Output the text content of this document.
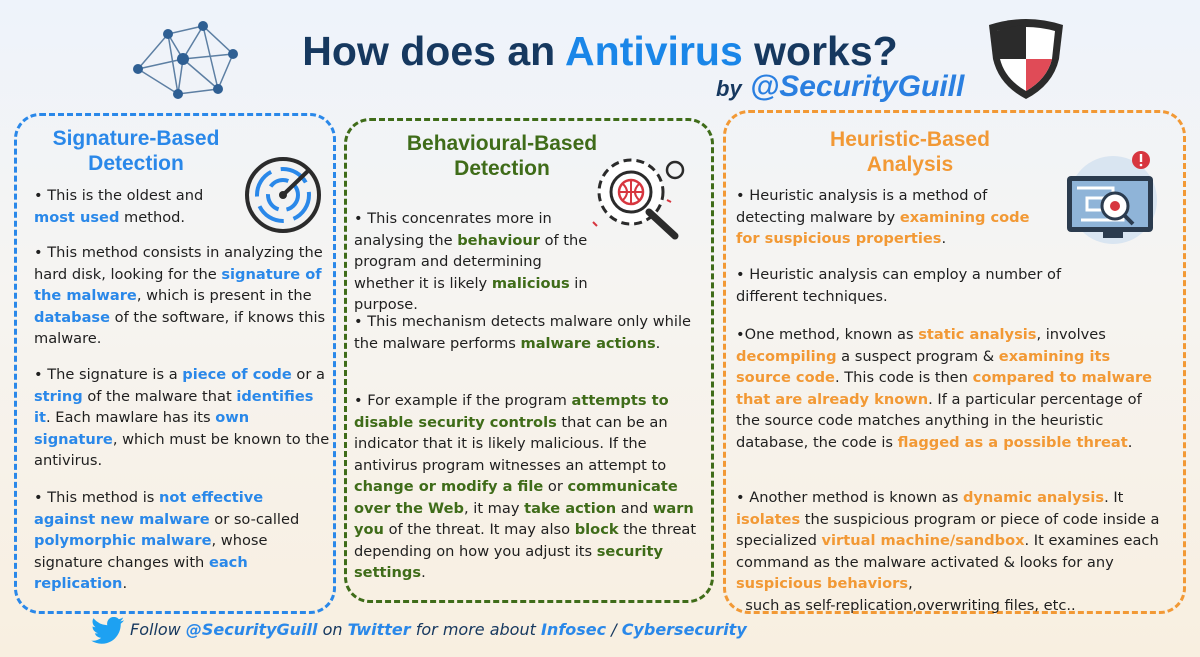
How does an Antivirus works?
by @SecurityGuill
Signature-Based
Detection

• This is the oldest and
most used method.

• This method consists in analyzing the hard disk, looking for the signature of the malware, which is present in the database of the software, if knows this malware.

• The signature is a piece of code or a string of the malware that identifies it. Each mawlare has its own signature, which must be known to the antivirus.

• This method is not effective against new malware or so-called polymorphic malware, whose signature changes with each replication.

Behavioural-Based
Detection

• This concenrates more in analysing the behaviour of the program and determining whether it is likely malicious in purpose.

• This mechanism detects malware only while the malware performs malware actions.

• For example if the program attempts to disable security controls that can be an indicator that it is likely malicious. If the antivirus program witnesses an attempt to change or modify a file or communicate over the Web, it may take action and warn you of the threat. It may also block the threat depending on how you adjust its security settings.

Heuristic-Based
Analysis

• Heuristic analysis is a method of detecting malware by examining code for suspicious properties.

• Heuristic analysis can employ a number of different techniques.

•One method, known as static analysis, involves decompiling a suspect program & examining its source code. This code is then compared to malware that are already known. If a particular percentage of the source code matches anything in the heuristic database, the code is flagged as a possible threat.

• Another method is known as dynamic analysis. It isolates the suspicious program or piece of code inside a specialized virtual machine/sandbox. It examines each command as the malware activated & looks for any suspicious behaviors,
such as self-replication,overwriting files, etc..

Follow @SecurityGuill on Twitter for more about Infosec / Cybersecurity
